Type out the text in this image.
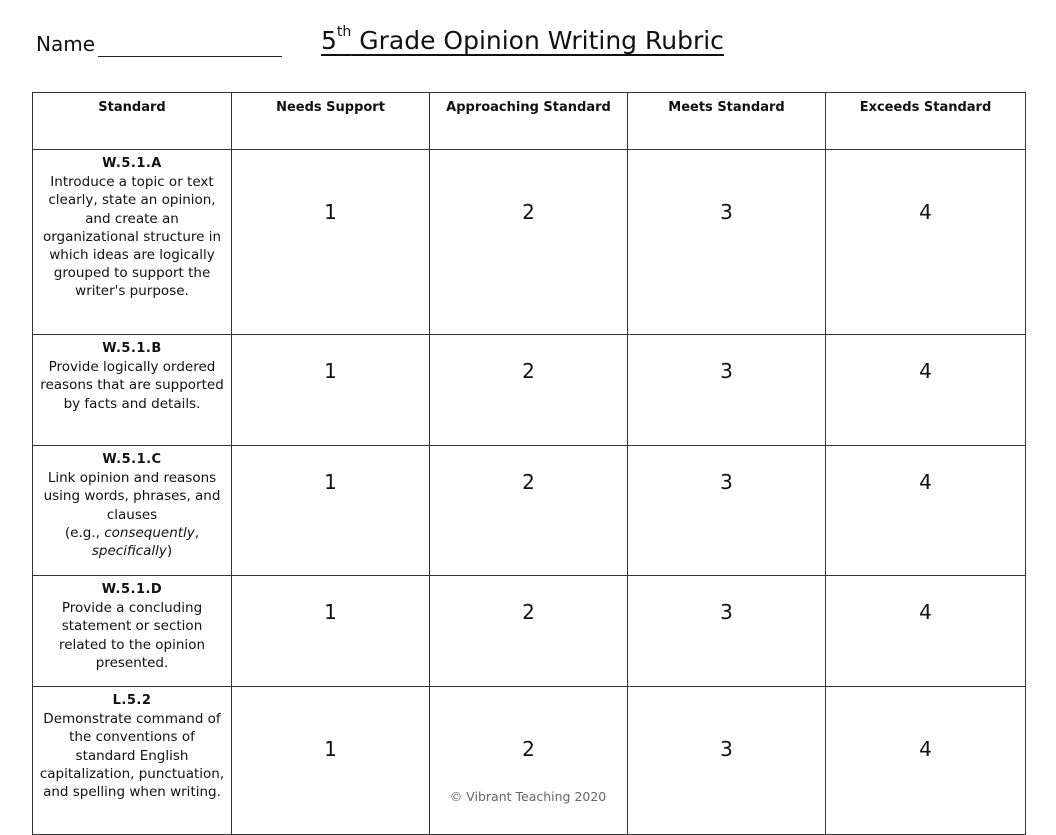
Name	5th Grade Opinion Writing Rubric
Standard	Needs Support	Approaching Standard	Meets Standard	Exceeds Standard

W.5.1.A
Introduce a topic or text clearly, state an opinion, and create an organizational structure in which ideas are logically grouped to support the writer's purpose.	1	2	3	4

W.5.1.B
Provide logically ordered reasons that are supported by facts and details.	1	2	3	4

W.5.1.C
Link opinion and reasons using words, phrases, and clauses
(e.g., consequently, specifically)	1	2	3	4

W.5.1.D
Provide a concluding statement or section related to the opinion presented.	1	2	3	4

L.5.2
Demonstrate command of the conventions of standard English capitalization, punctuation, and spelling when writing.	1	2	3	4
© Vibrant Teaching 2020
